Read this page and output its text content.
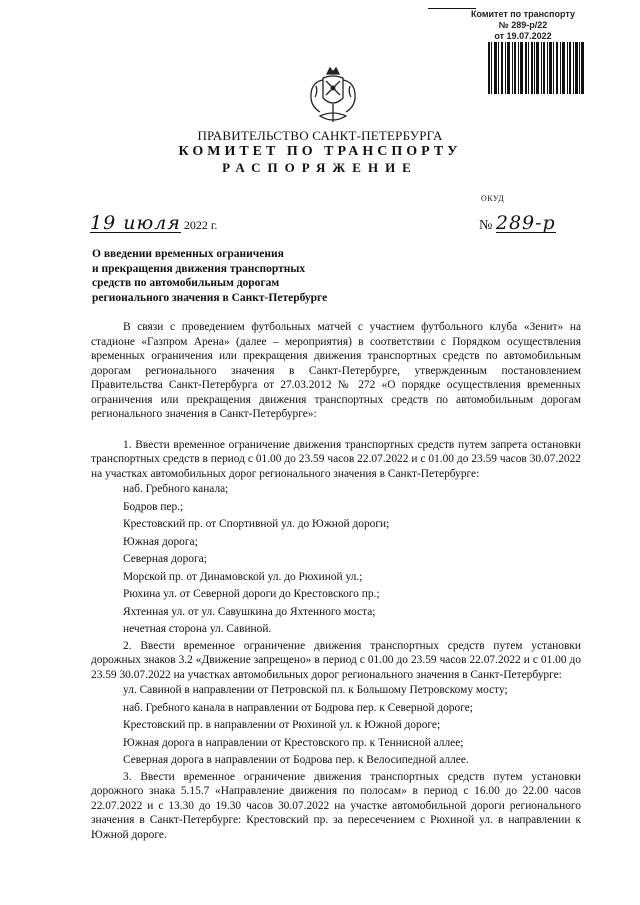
Комитет по транспорту
№ 289-р/22
от 19.07.2022
ПРАВИТЕЛЬСТВО САНКТ-ПЕТЕРБУРГА
КОМИТЕТ ПО ТРАНСПОРТУ
РАСПОРЯЖЕНИЕ
ОКУД
19 июля 2022 г.	№ 289-р
О введении временных ограничения
и прекращения движения транспортных
средств по автомобильным дорогам
регионального значения в Санкт-Петербурге

В связи с проведением футбольных матчей с участием футбольного клуба «Зенит» на стадионе «Газпром Арена» (далее – мероприятия) в соответствии с Порядком осуществления временных ограничения или прекращения движения транспортных средств по автомобильным дорогам регионального значения в Санкт-Петербурге, утвержденным постановлением Правительства Санкт-Петербурга от 27.03.2012 № 272 «О порядке осуществления временных ограничения или прекращения движения транспортных средств по автомобильным дорогам регионального значения в Санкт-Петербурге»:

1. Ввести временное ограничение движения транспортных средств путем запрета остановки транспортных средств в период с 01.00 до 23.59 часов 22.07.2022 и с 01.00 до 23.59 часов 30.07.2022 на участках автомобильных дорог регионального значения в Санкт-Петербурге:

наб. Гребного канала;
Бодров пер.;
Крестовский пр. от Спортивной ул. до Южной дороги;
Южная дорога;
Северная дорога;
Морской пр. от Динамовской ул. до Рюхиной ул.;
Рюхина ул. от Северной дороги до Крестовского пр.;
Яхтенная ул. от ул. Савушкина до Яхтенного моста;
нечетная сторона ул. Савиной.

2. Ввести временное ограничение движения транспортных средств путем установки дорожных знаков 3.2 «Движение запрещено» в период с 01.00 до 23.59 часов 22.07.2022 и с 01.00 до 23.59 30.07.2022 на участках автомобильных дорог регионального значения в Санкт-Петербурге:

ул. Савиной в направлении от Петровской пл. к Большому Петровскому мосту;
наб. Гребного канала в направлении от Бодрова пер. к Северной дороге;
Крестовский пр. в направлении от Рюхиной ул. к Южной дороге;
Южная дорога в направлении от Крестовского пр. к Теннисной аллее;
Северная дорога в направлении от Бодрова пер. к Велосипедной аллее.

3. Ввести временное ограничение движения транспортных средств путем установки дорожного знака 5.15.7 «Направление движения по полосам» в период с 16.00 до 22.00 часов 22.07.2022 и с 13.30 до 19.30 часов 30.07.2022 на участке автомобильной дороги регионального значения в Санкт-Петербурге: Крестовский пр. за пересечением с Рюхиной ул. в направлении к Южной дороге.
